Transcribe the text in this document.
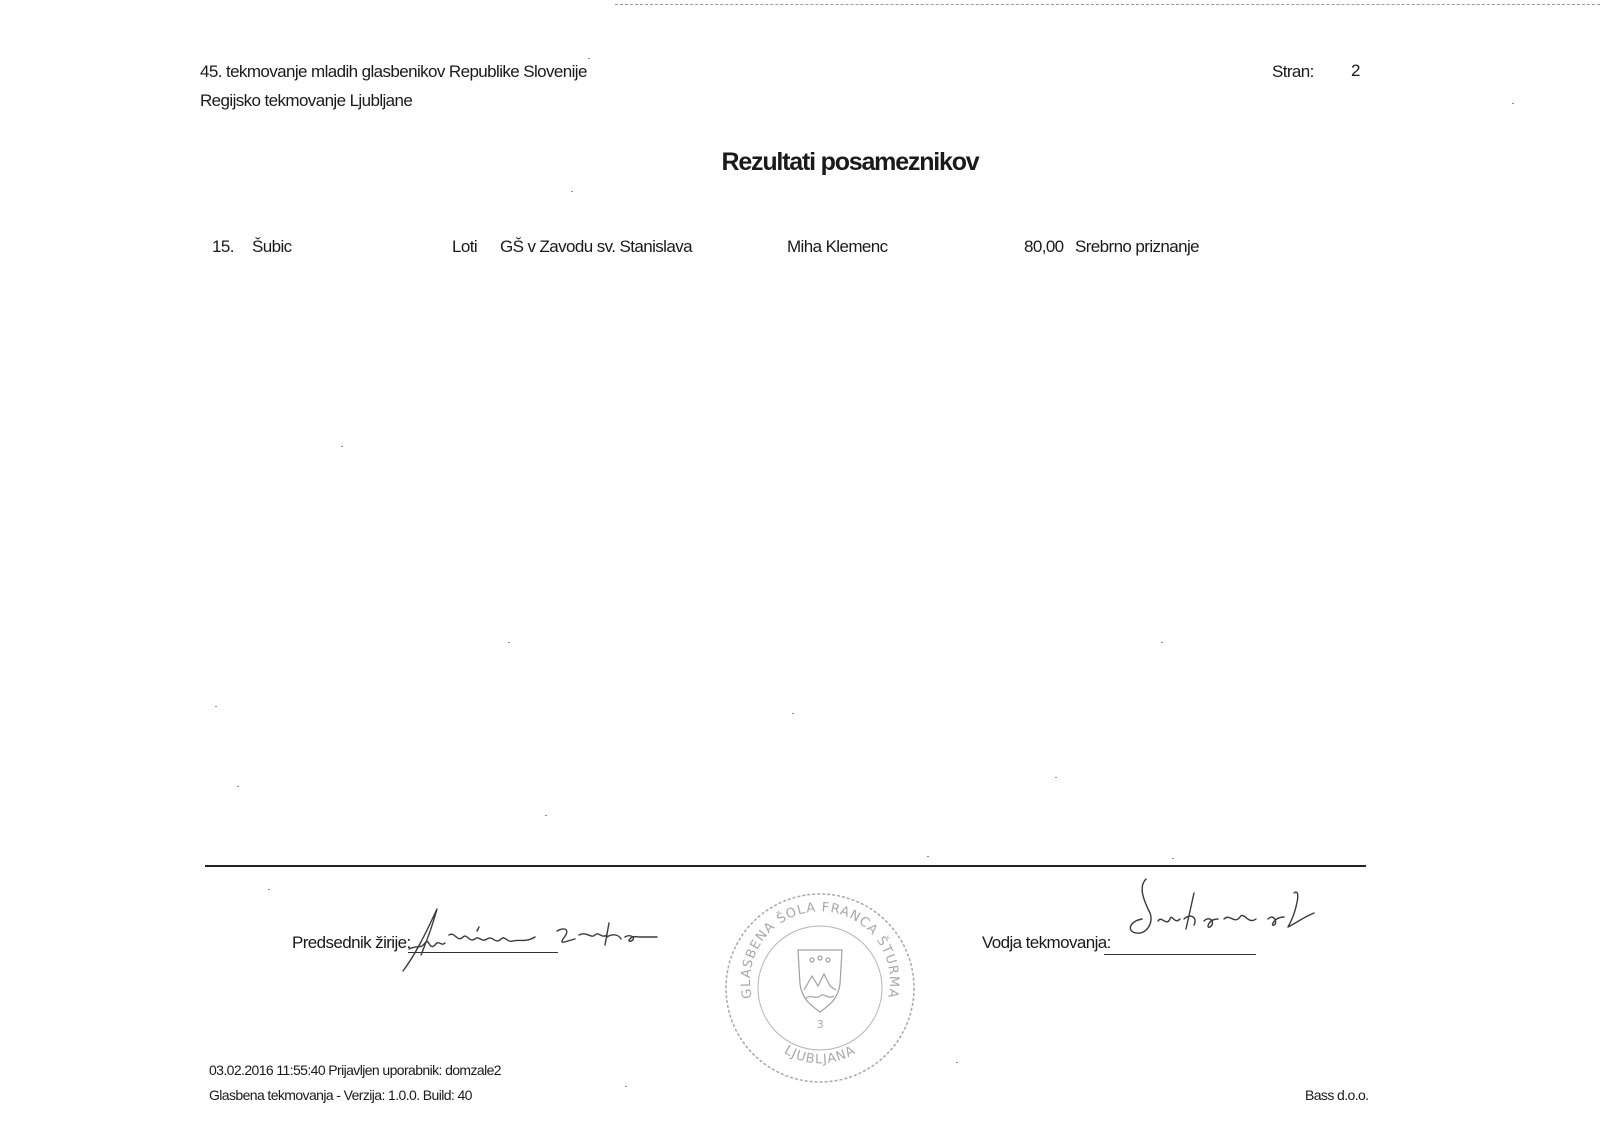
45. tekmovanje mladih glasbenikov Republike Slovenije
Regijsko tekmovanje Ljubljane
Stran: 2
Rezultati posameznikov
15. Šubic	Loti GŠ v Zavodu sv. Stanislava	Miha Klemenc	80,00 Srebrno priznanje
Predsednik žirije:
GLASBENA ŠOLA FRANCA ŠTURMA
LJUBLJANA
3
Vodja tekmovanja:
03.02.2016 11:55:40 Prijavljen uporabnik: domzale2
Glasbena tekmovanja - Verzija: 1.0.0. Build: 40	Bass d.o.o.
